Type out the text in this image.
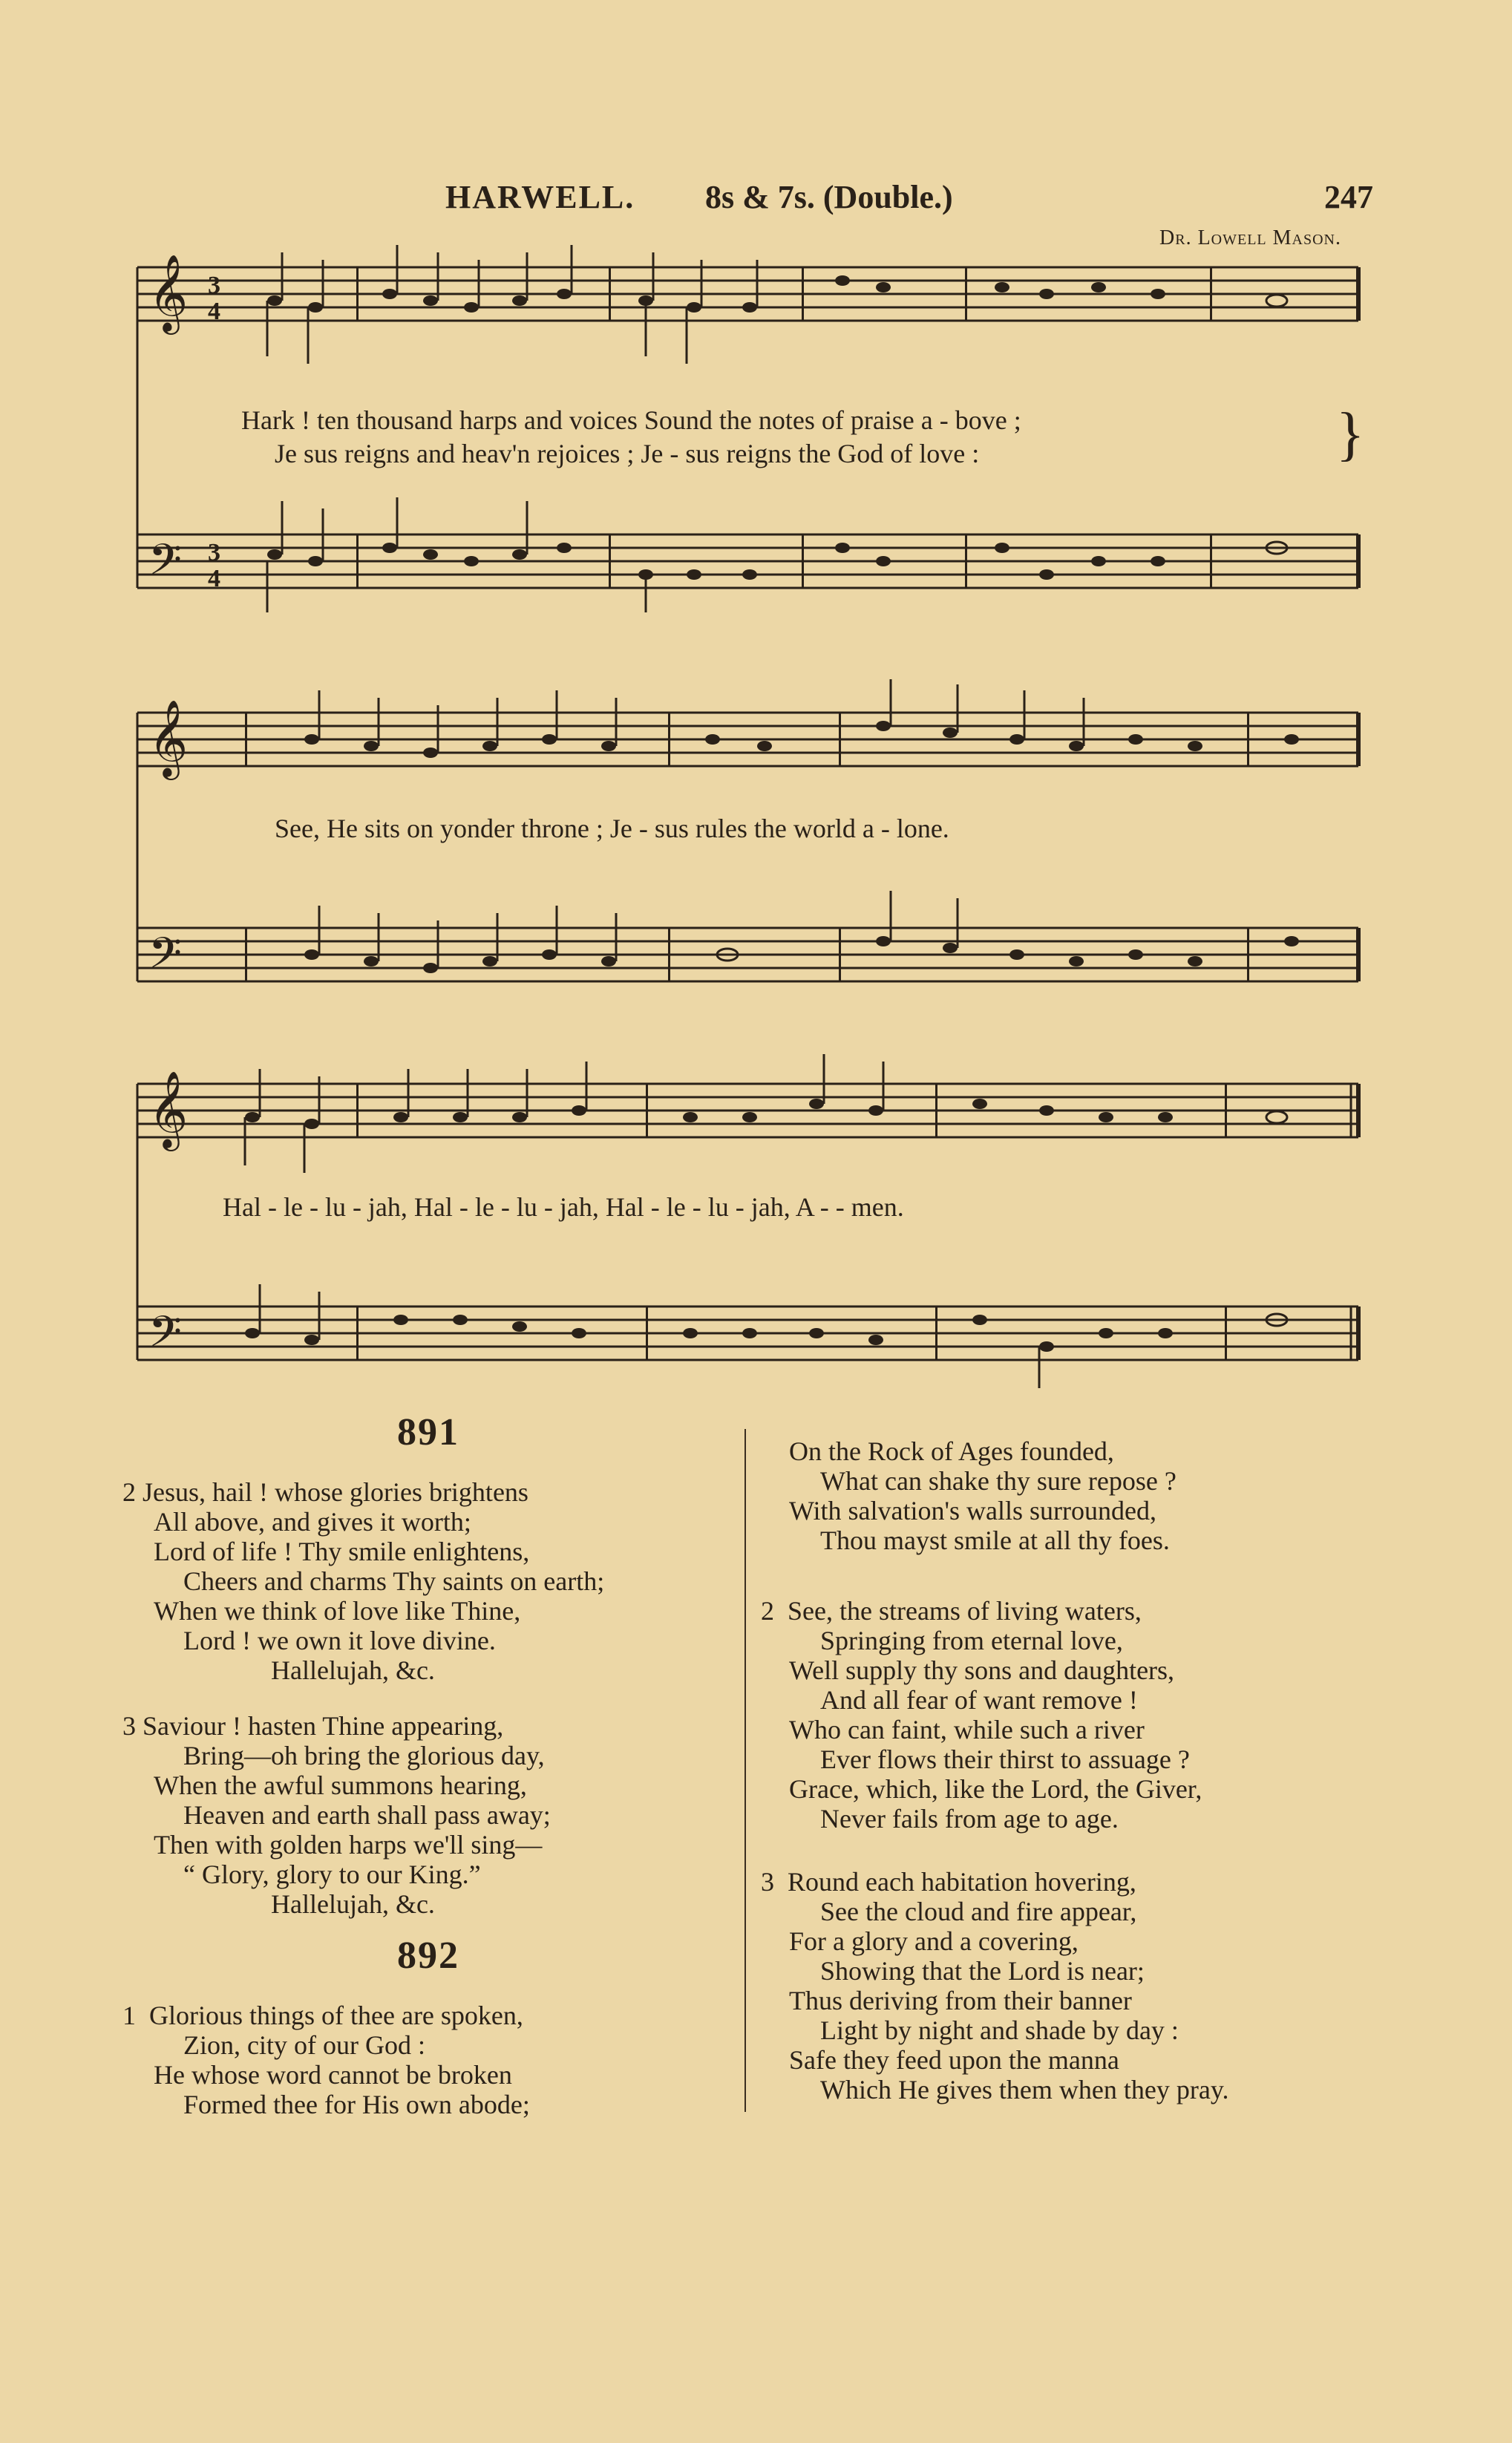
HARWELL. 8s & 7s. (Double.)	247
Dr. Lowell Mason.
𝄞
𝄢
3
4
3
4
Hark ! ten thousand harps and voices Sound the notes of praise a - bove ;
Je sus reigns and heav'n rejoices ; Je - sus reigns the God of love :	}
𝄞
𝄢
See, He sits on yonder throne ; Je - sus rules the world a - lone.
𝄞
𝄢
Hal - le - lu - jah, Hal - le - lu - jah, Hal - le - lu - jah, A - - men.
891
2 Jesus, hail ! whose glories brightens
All above, and gives it worth;
Lord of life ! Thy smile enlightens,
Cheers and charms Thy saints on earth;
When we think of love like Thine,
Lord ! we own it love divine.
Hallelujah, &c.
3 Saviour ! hasten Thine appearing,
Bring—oh bring the glorious day,
When the awful summons hearing,
Heaven and earth shall pass away;
Then with golden harps we'll sing—
“ Glory, glory to our King.”
Hallelujah, &c.
892
1 Glorious things of thee are spoken,
Zion, city of our God :
He whose word cannot be broken
Formed thee for His own abode;
On the Rock of Ages founded,
What can shake thy sure repose ?
With salvation's walls surrounded,
Thou mayst smile at all thy foes.
2 See, the streams of living waters,
Springing from eternal love,
Well supply thy sons and daughters,
And all fear of want remove !
Who can faint, while such a river
Ever flows their thirst to assuage ?
Grace, which, like the Lord, the Giver,
Never fails from age to age.
3 Round each habitation hovering,
See the cloud and fire appear,
For a glory and a covering,
Showing that the Lord is near;
Thus deriving from their banner
Light by night and shade by day :
Safe they feed upon the manna
Which He gives them when they pray.
